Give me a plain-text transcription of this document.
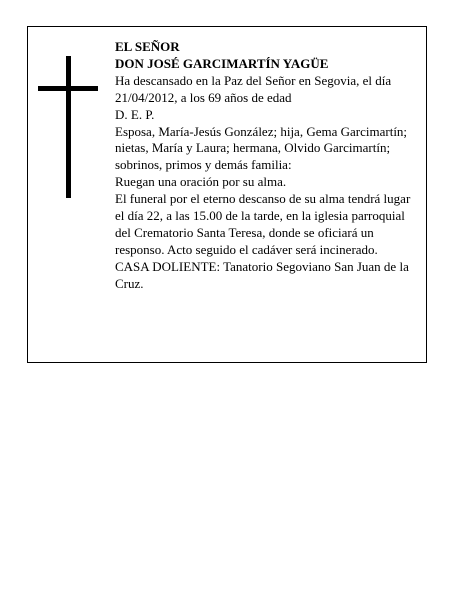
EL SEÑOR

DON JOSÉ GARCIMARTÍN YAGÜE

Ha descansado en la Paz del Señor en Segovia, el día 21/04/2012, a los 69 años de edad

D. E. P.

Esposa, María-Jesús González; hija, Gema Garcimartín; nietas, María y Laura; hermana, Olvido Garcimartín; sobrinos, primos y demás familia:

Ruegan una oración por su alma.

El funeral por el eterno descanso de su alma tendrá lugar el día 22, a las 15.00 de la tarde, en la iglesia parroquial del Crematorio Santa Teresa, donde se oficiará un responso. Acto seguido el cadáver será incinerado.

CASA DOLIENTE: Tanatorio Segoviano San Juan de la Cruz.
